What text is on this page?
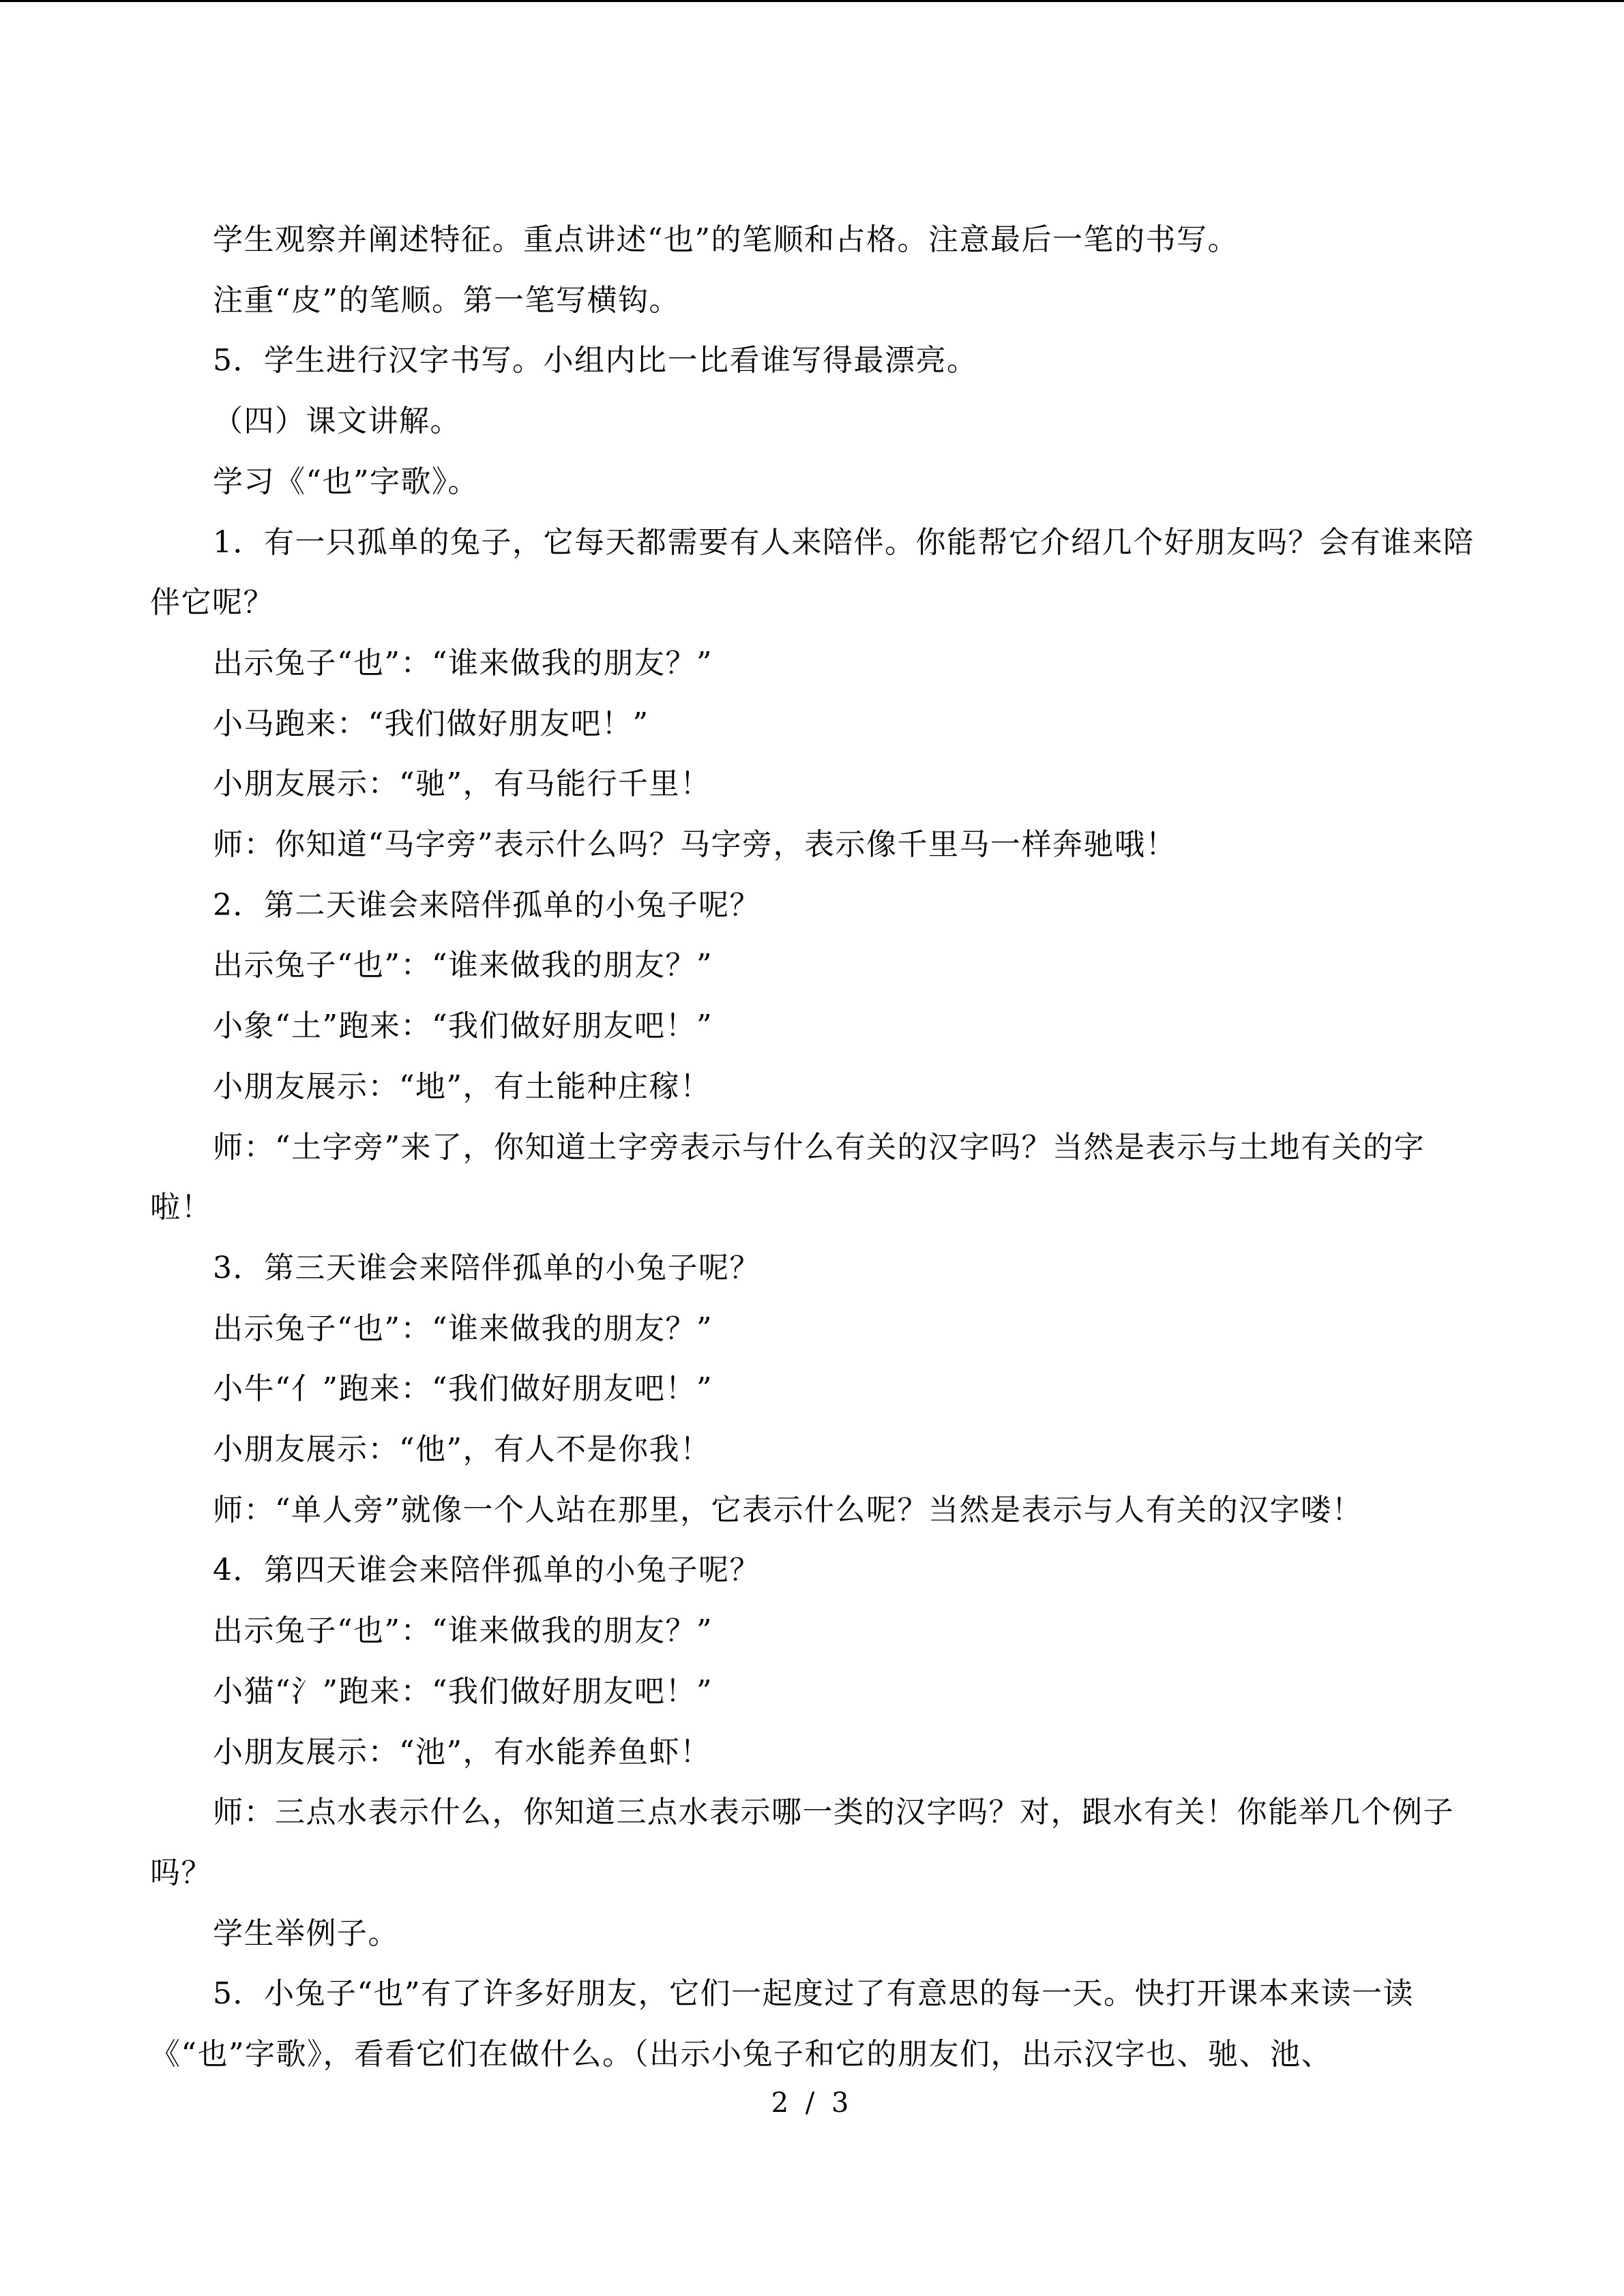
学生观察并阐述特征。重点讲述“也”的笔顺和占格。注意最后一笔的书写。

注重“皮”的笔顺。第一笔写横钩。

5．学生进行汉字书写。小组内比一比看谁写得最漂亮。

（四）课文讲解。

学习《“也”字歌》。

1．有一只孤单的兔子，它每天都需要有人来陪伴。你能帮它介绍几个好朋友吗？会有谁来陪伴它呢？

出示兔子“也”：“谁来做我的朋友？”

小马跑来：“我们做好朋友吧！”

小朋友展示：“驰”，有马能行千里！

师：你知道“马字旁”表示什么吗？马字旁，表示像千里马一样奔驰哦！

2．第二天谁会来陪伴孤单的小兔子呢？

出示兔子“也”：“谁来做我的朋友？”

小象“土”跑来：“我们做好朋友吧！”

小朋友展示：“地”，有土能种庄稼！

师：“土字旁”来了，你知道土字旁表示与什么有关的汉字吗？当然是表示与土地有关的字啦！

3．第三天谁会来陪伴孤单的小兔子呢？

出示兔子“也”：“谁来做我的朋友？”

小牛“亻”跑来：“我们做好朋友吧！”

小朋友展示：“他”，有人不是你我！

师：“单人旁”就像一个人站在那里，它表示什么呢？当然是表示与人有关的汉字喽！

4．第四天谁会来陪伴孤单的小兔子呢？

出示兔子“也”：“谁来做我的朋友？”

小猫“氵”跑来：“我们做好朋友吧！”

小朋友展示：“池”，有水能养鱼虾！

师：三点水表示什么，你知道三点水表示哪一类的汉字吗？对，跟水有关！你能举几个例子吗？

学生举例子。

5．小兔子“也”有了许多好朋友，它们一起度过了有意思的每一天。快打开课本来读一读《“也”字歌》，看看它们在做什么。（出示小兔子和它的朋友们，出示汉字也、驰、池、

2 / 3
